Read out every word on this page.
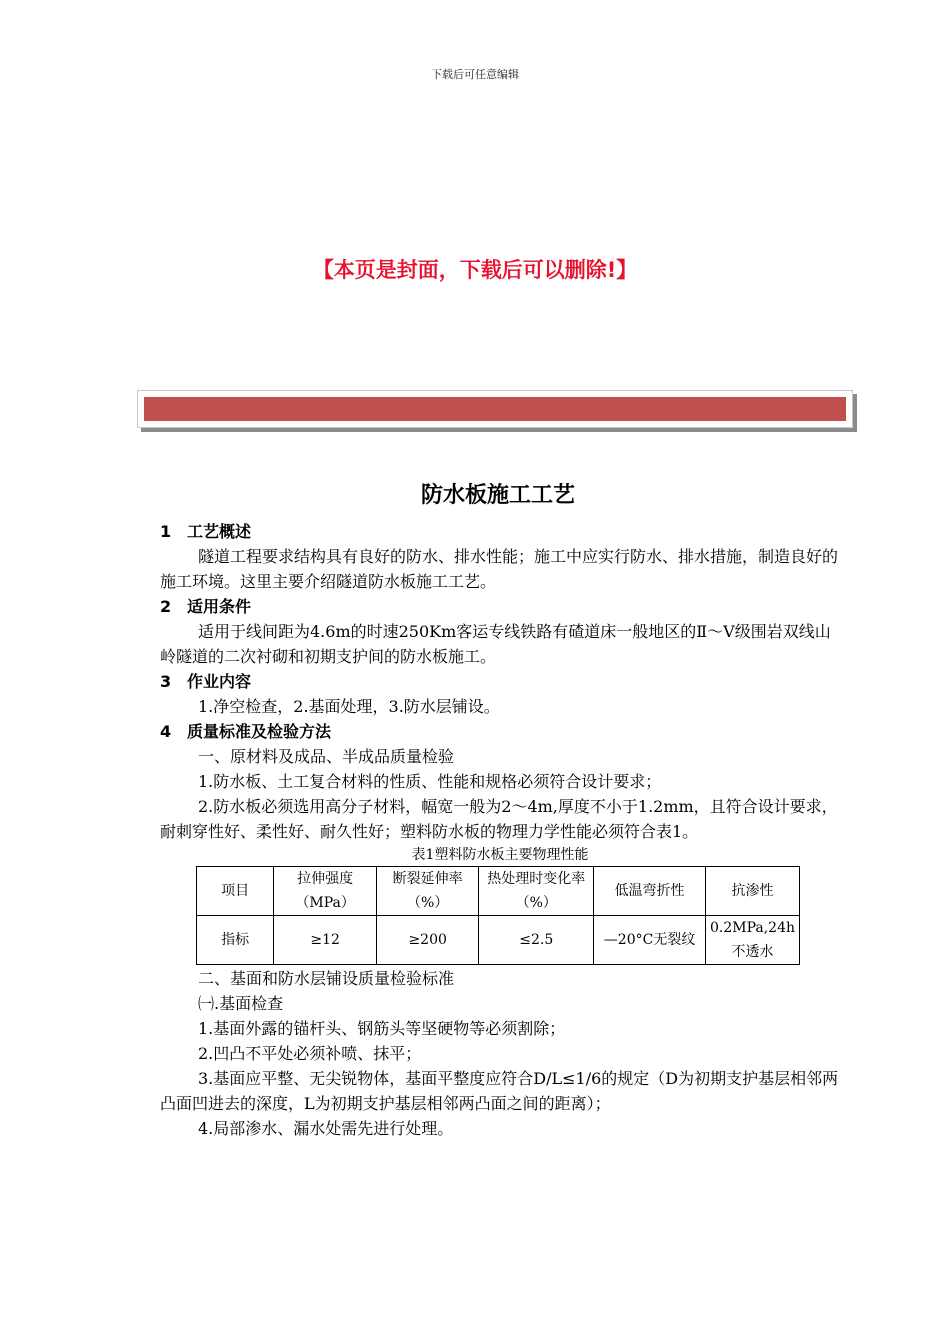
下载后可任意编辑
【本页是封面，下载后可以删除!】
防水板施工工艺

1 工艺概述

隧道工程要求结构具有良好的防水、排水性能；施工中应实行防水、排水措施，制造良好的施工环境。这里主要介绍隧道防水板施工工艺。

2 适用条件

适用于线间距为4.6m的时速250Km客运专线铁路有碴道床一般地区的Ⅱ～Ⅴ级围岩双线山岭隧道的二次衬砌和初期支护间的防水板施工。

3 作业内容

1.净空检查，2.基面处理，3.防水层铺设。

4 质量标准及检验方法

一、原材料及成品、半成品质量检验

1.防水板、土工复合材料的性质、性能和规格必须符合设计要求；

2.防水板必须选用高分子材料，幅宽一般为2～4m,厚度不小于1.2mm，且符合设计要求，耐刺穿性好、柔性好、耐久性好；塑料防水板的物理力学性能必须符合表1。

表1塑料防水板主要物理性能

项目	拉伸强度（MPa）	断裂延伸率（%）	热处理时变化率（%）	低温弯折性	抗渗性
指标	≥12	≥200	≤2.5	—20°C无裂纹	0.2MPa,24h不透水

二、基面和防水层铺设质量检验标准

㈠.基面检查

1.基面外露的锚杆头、钢筋头等坚硬物等必须割除；

2.凹凸不平处必须补喷、抹平；

3.基面应平整、无尖锐物体，基面平整度应符合D/L≤1/6的规定（D为初期支护基层相邻两凸面凹进去的深度，L为初期支护基层相邻两凸面之间的距离）；

4.局部渗水、漏水处需先进行处理。
